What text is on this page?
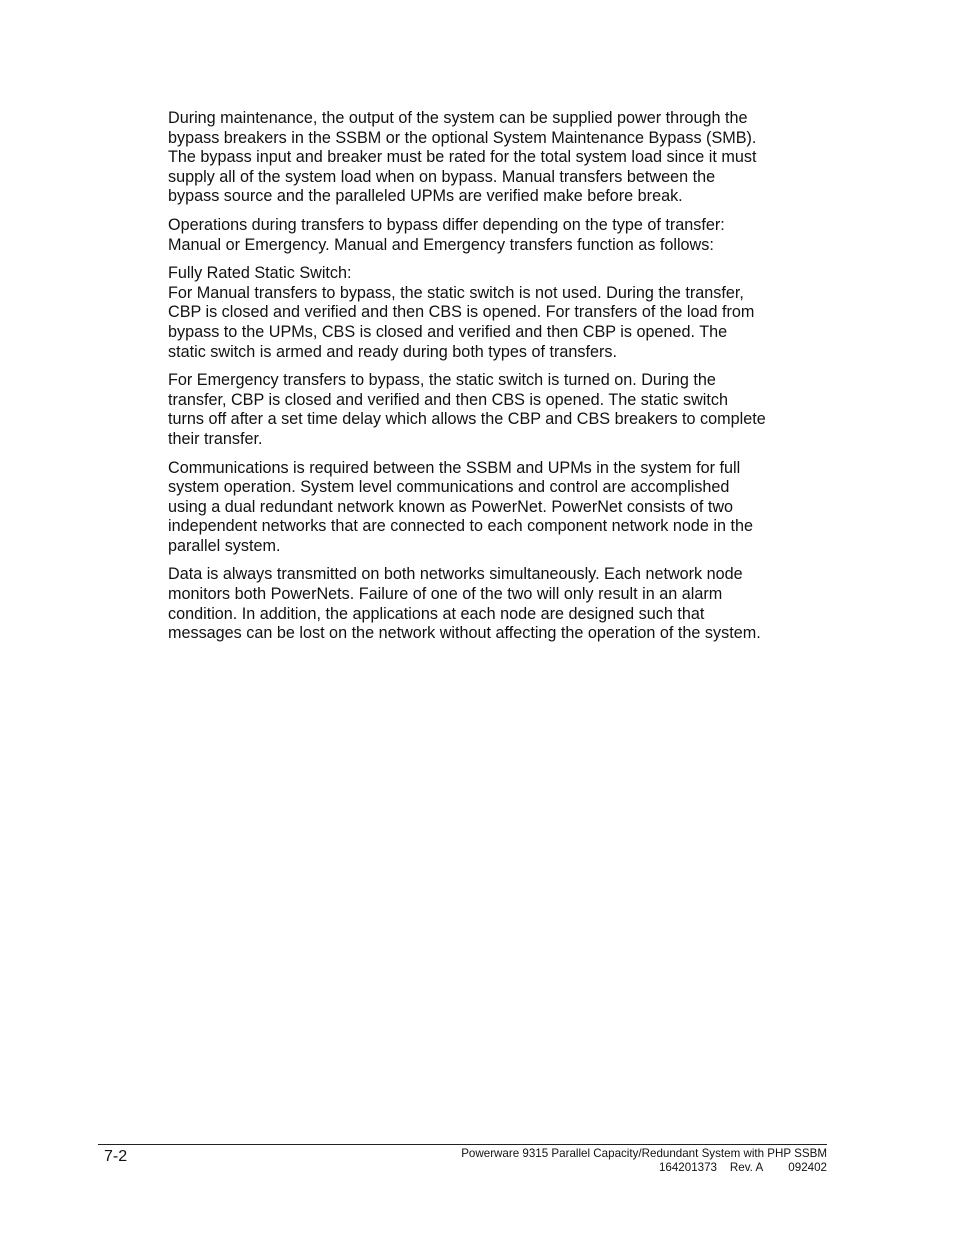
During maintenance, the output of the system can be supplied power through the
bypass breakers in the SSBM or the optional System Maintenance Bypass (SMB).
The bypass input and breaker must be rated for the total system load since it must
supply all of the system load when on bypass. Manual transfers between the
bypass source and the paralleled UPMs are verified make before break.

Operations during transfers to bypass differ depending on the type of transfer:
Manual or Emergency. Manual and Emergency transfers function as follows:

Fully Rated Static Switch:
For Manual transfers to bypass, the static switch is not used. During the transfer,
CBP is closed and verified and then CBS is opened. For transfers of the load from
bypass to the UPMs, CBS is closed and verified and then CBP is opened. The
static switch is armed and ready during both types of transfers.

For Emergency transfers to bypass, the static switch is turned on. During the
transfer, CBP is closed and verified and then CBS is opened. The static switch
turns off after a set time delay which allows the CBP and CBS breakers to complete
their transfer.

Communications is required between the SSBM and UPMs in the system for full
system operation. System level communications and control are accomplished
using a dual redundant network known as PowerNet. PowerNet consists of two
independent networks that are connected to each component network node in the
parallel system.

Data is always transmitted on both networks simultaneously. Each network node
monitors both PowerNets. Failure of one of the two will only result in an alarm
condition. In addition, the applications at each node are designed such that
messages can be lost on the network without affecting the operation of the system.

7-2	Powerware 9315 Parallel Capacity/Redundant System with PHP SSBM
164201373    Rev. A        092402
